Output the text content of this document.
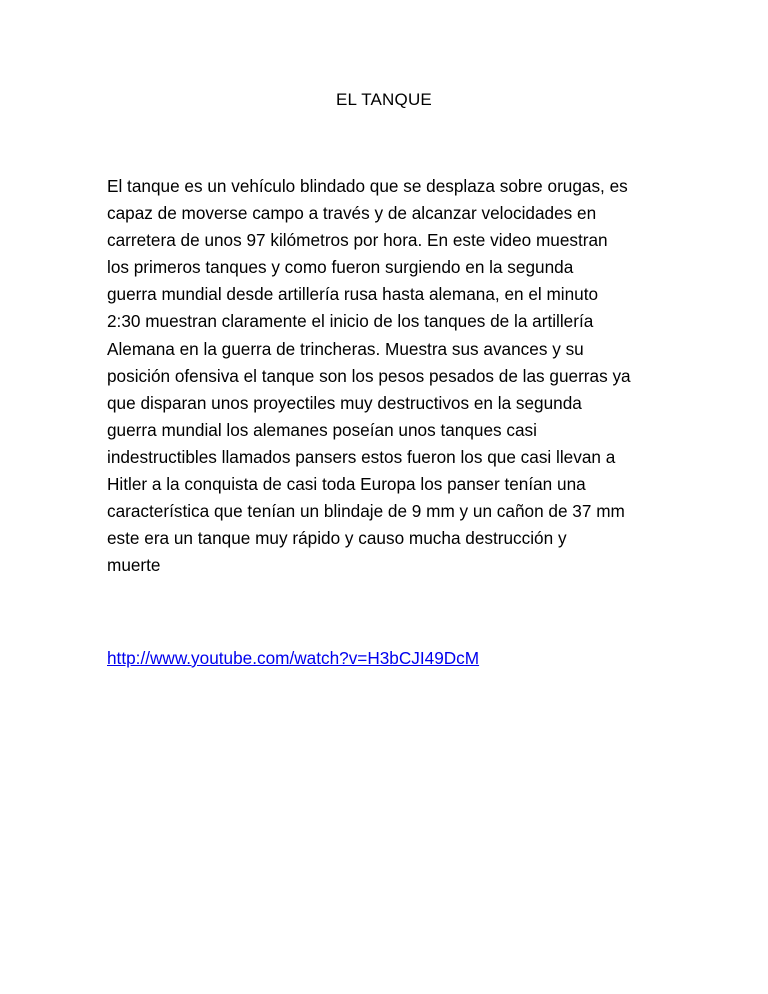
EL TANQUE

El tanque es un vehículo blindado que se desplaza sobre orugas, es
capaz de moverse campo a través y de alcanzar velocidades en
carretera de unos 97 kilómetros por hora. En este video muestran
los primeros tanques y como fueron surgiendo en la segunda
guerra mundial desde artillería rusa hasta alemana, en el minuto
2:30 muestran claramente el inicio de los tanques de la artillería
Alemana en la guerra de trincheras. Muestra sus avances y su
posición ofensiva el tanque son los pesos pesados de las guerras ya
que disparan unos proyectiles muy destructivos en la segunda
guerra mundial los alemanes poseían unos tanques casi
indestructibles llamados pansers estos fueron los que casi llevan a
Hitler a la conquista de casi toda Europa los panser tenían una
característica que tenían un blindaje de 9 mm y un cañon de 37 mm
este era un tanque muy rápido y causo mucha destrucción y
muerte

http://www.youtube.com/watch?v=H3bCJI49DcM
